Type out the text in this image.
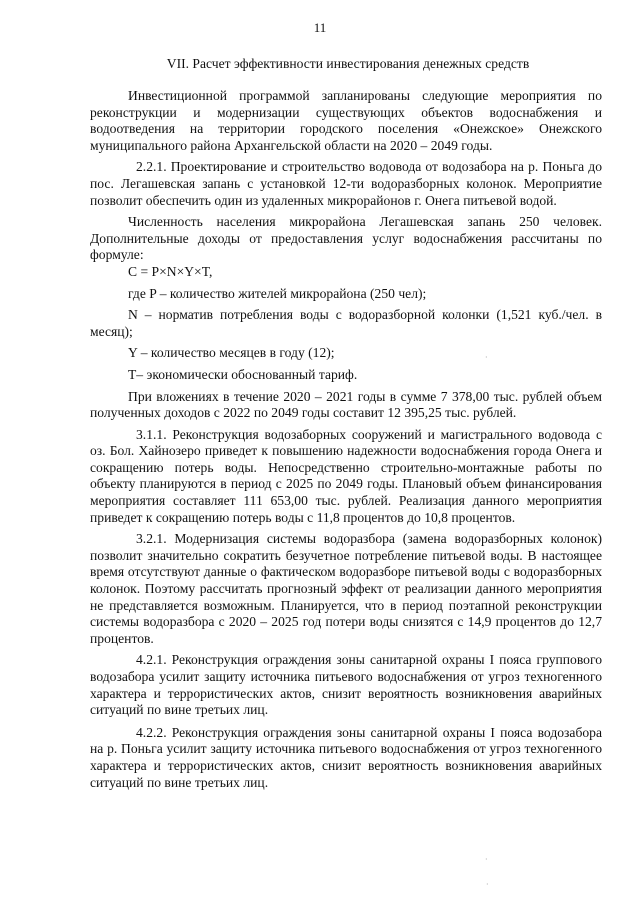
11
VII. Расчет эффективности инвестирования денежных средств

Инвестиционной программой запланированы следующие мероприятия по реконструкции и модернизации существующих объектов водоснабжения и водоотведения на территории городского поселения «Онежское» Онежского муниципального района Архангельской области на 2020 – 2049 годы.

2.2.1. Проектирование и строительство водовода от водозабора на р. Поньга до пос. Легашевская запань с установкой 12-ти водоразборных колонок. Мероприятие позволит обеспечить один из удаленных микрорайонов г. Онега питьевой водой.

Численность населения микрорайона Легашевская запань 250 человек. Дополнительные доходы от предоставления услуг водоснабжения рассчитаны по формуле:

С = P×N×Y×T,

где P – количество жителей микрорайона (250 чел);

N – норматив потребления воды с водоразборной колонки (1,521 куб./чел. в месяц);

Y – количество месяцев в году (12);

T– экономически обоснованный тариф.

При вложениях в течение 2020 – 2021 годы в сумме 7 378,00 тыс. рублей объем полученных доходов с 2022 по 2049 годы составит 12 395,25 тыс. рублей.

3.1.1. Реконструкция водозаборных сооружений и магистрального водовода с оз. Бол. Хайнозеро приведет к повышению надежности водоснабжения города Онега и сокращению потерь воды. Непосредственно строительно-монтажные работы по объекту планируются в период с 2025 по 2049 годы. Плановый объем финансирования мероприятия составляет 111 653,00 тыс. рублей. Реализация данного мероприятия приведет к сокращению потерь воды с 11,8 процентов до 10,8 процентов.

3.2.1. Модернизация системы водоразбора (замена водоразборных колонок) позволит значительно сократить безучетное потребление питьевой воды. В настоящее время отсутствуют данные о фактическом водоразборе питьевой воды с водоразборных колонок. Поэтому рассчитать прогнозный эффект от реализации данного мероприятия не представляется возможным. Планируется, что в период поэтапной реконструкции системы водоразбора с 2020 – 2025 год потери воды снизятся с 14,9 процентов до 12,7 процентов.

4.2.1. Реконструкция ограждения зоны санитарной охраны I пояса группового водозабора усилит защиту источника питьевого водоснабжения от угроз техногенного характера и террористических актов, снизит вероятность возникновения аварийных ситуаций по вине третьих лиц.

4.2.2. Реконструкция ограждения зоны санитарной охраны I пояса водозабора на р. Поньга усилит защиту источника питьевого водоснабжения от угроз техногенного характера и террористических актов, снизит вероятность возникновения аварийных ситуаций по вине третьих лиц.

·
·
·
